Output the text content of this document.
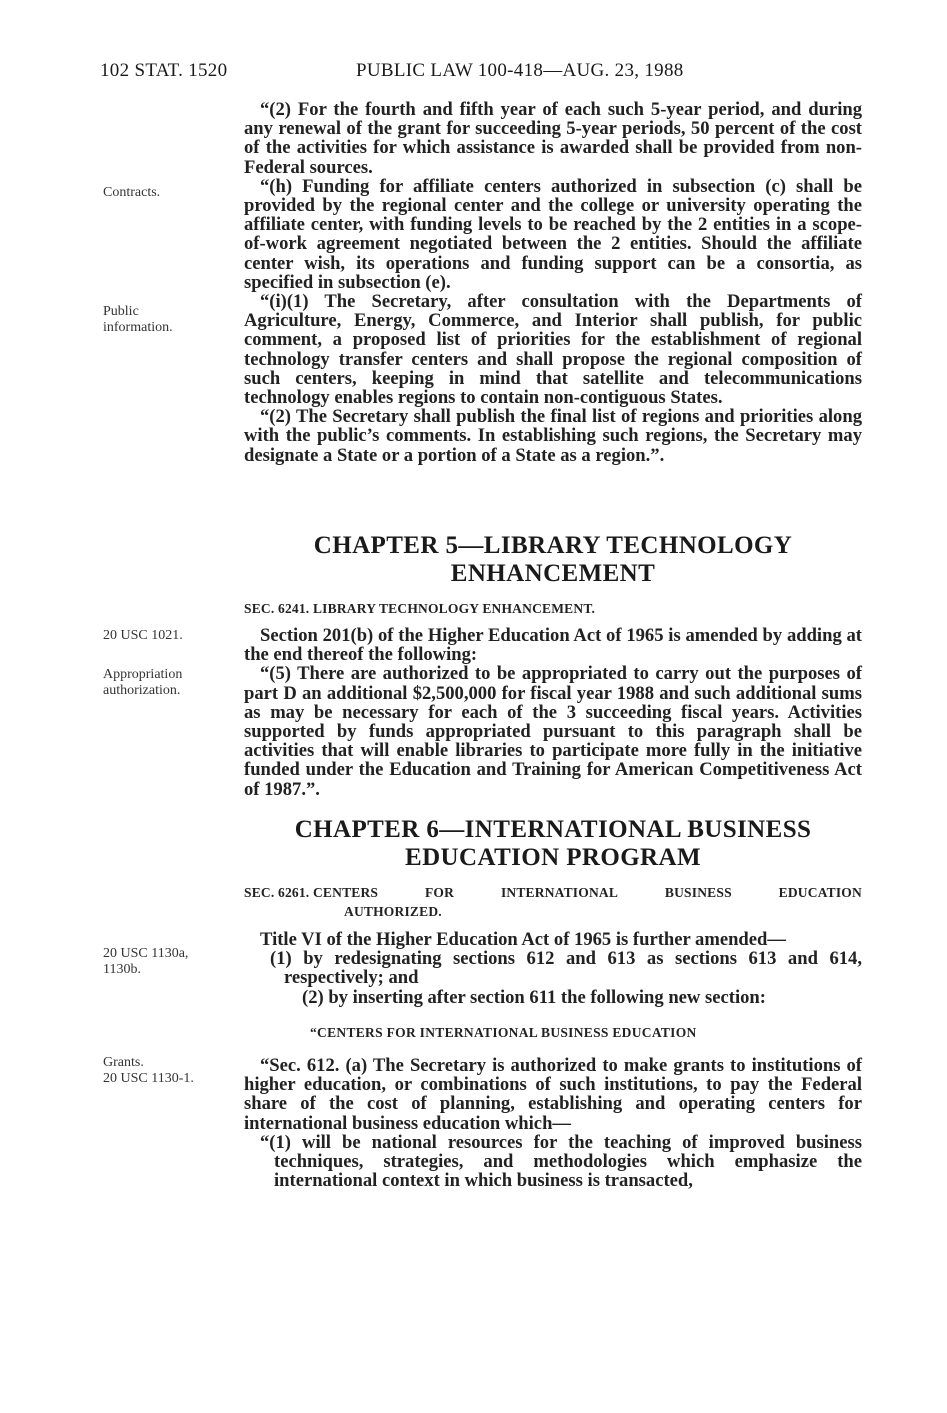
102 STAT. 1520	PUBLIC LAW 100-418—AUG. 23, 1988
Contracts.
Public
information.
20 USC 1021.
Appropriation
authorization.
20 USC 1130a,
1130b.
Grants.
20 USC 1130-1.

“(2) For the fourth and fifth year of each such 5-year period, and during any renewal of the grant for succeeding 5-year periods, 50 percent of the cost of the activities for which assistance is awarded shall be provided from non-Federal sources.

“(h) Funding for affiliate centers authorized in subsection (c) shall be provided by the regional center and the college or university operating the affiliate center, with funding levels to be reached by the 2 entities in a scope-of-work agreement negotiated between the 2 entities. Should the affiliate center wish, its operations and funding support can be a consortia, as specified in subsection (e).

“(i)(1) The Secretary, after consultation with the Departments of Agriculture, Energy, Commerce, and Interior shall publish, for public comment, a proposed list of priorities for the establishment of regional technology transfer centers and shall propose the regional composition of such centers, keeping in mind that satellite and telecommunications technology enables regions to contain non-contiguous States.

“(2) The Secretary shall publish the final list of regions and priorities along with the public’s comments. In establishing such regions, the Secretary may designate a State or a portion of a State as a region.”.

CHAPTER 5—LIBRARY TECHNOLOGY
ENHANCEMENT
SEC. 6241. LIBRARY TECHNOLOGY ENHANCEMENT.

Section 201(b) of the Higher Education Act of 1965 is amended by adding at the end thereof the following:

“(5) There are authorized to be appropriated to carry out the purposes of part D an additional $2,500,000 for fiscal year 1988 and such additional sums as may be necessary for each of the 3 succeeding fiscal years. Activities supported by funds appropriated pursuant to this paragraph shall be activities that will enable libraries to participate more fully in the initiative funded under the Education and Training for American Competitiveness Act of 1987.”.

CHAPTER 6—INTERNATIONAL BUSINESS
EDUCATION PROGRAM
SEC. 6261. CENTERS	FOR	INTERNATIONAL	BUSINESS	EDUCATION
AUTHORIZED.

Title VI of the Higher Education Act of 1965 is further amended—

(1) by redesignating sections 612 and 613 as sections 613 and 614, respectively; and

(2) by inserting after section 611 the following new section:

“CENTERS FOR INTERNATIONAL BUSINESS EDUCATION

“Sec. 612. (a) The Secretary is authorized to make grants to institutions of higher education, or combinations of such institutions, to pay the Federal share of the cost of planning, establishing and operating centers for international business education which—

“(1) will be national resources for the teaching of improved business techniques, strategies, and methodologies which emphasize the international context in which business is transacted,
